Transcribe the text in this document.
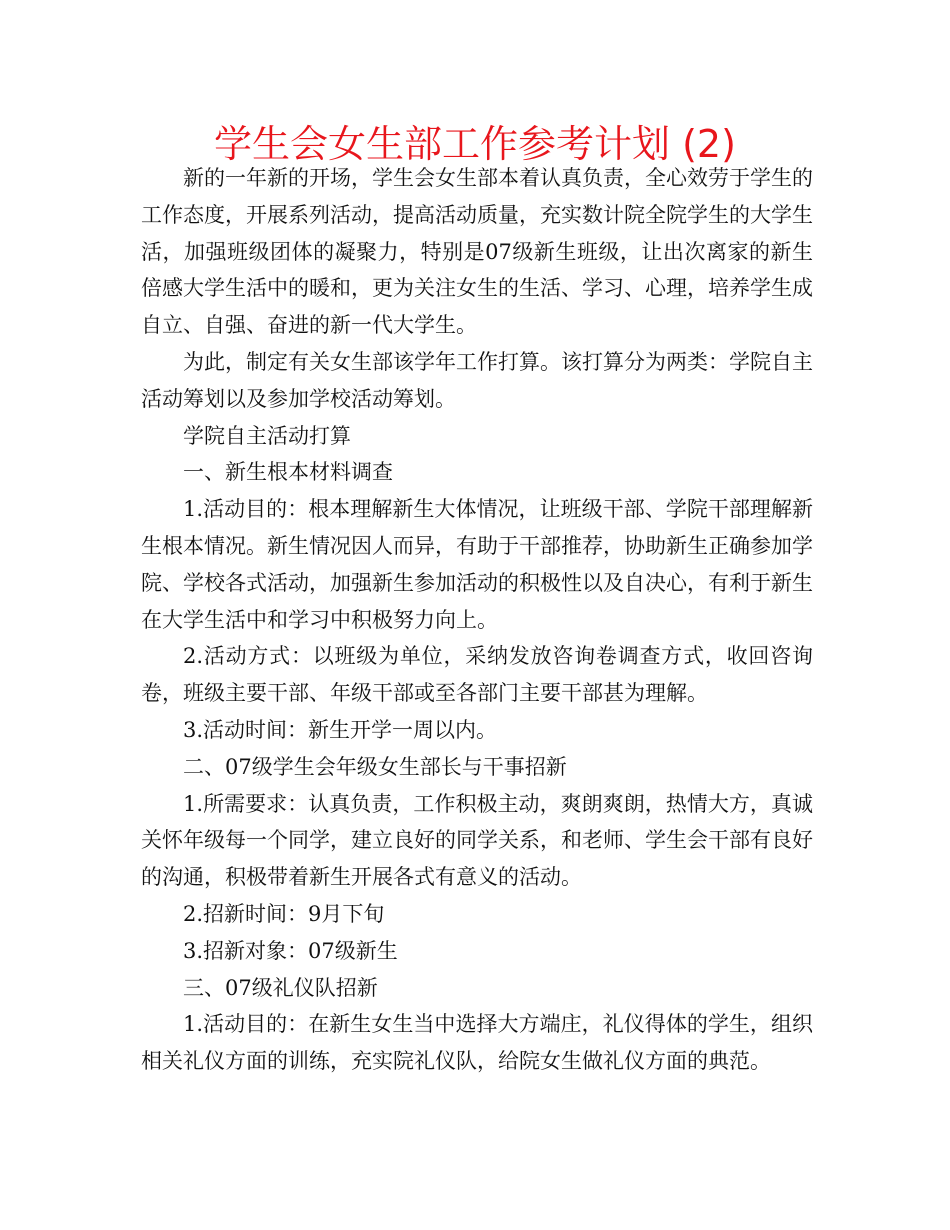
学生会女生部工作参考计划 (2)

新的一年新的开场，学生会女生部本着认真负责，全心效劳于学生的工作态度，开展系列活动，提高活动质量，充实数计院全院学生的大学生活，加强班级团体的凝聚力，特别是07级新生班级，让出次离家的新生倍感大学生活中的暖和，更为关注女生的生活、学习、心理，培养学生成自立、自强、奋进的新一代大学生。

为此，制定有关女生部该学年工作打算。该打算分为两类：学院自主活动筹划以及参加学校活动筹划。

学院自主活动打算

一、新生根本材料调查

1.活动目的：根本理解新生大体情况，让班级干部、学院干部理解新生根本情况。新生情况因人而异，有助于干部推荐，协助新生正确参加学院、学校各式活动，加强新生参加活动的积极性以及自决心，有利于新生在大学生活中和学习中积极努力向上。

2.活动方式：以班级为单位，采纳发放咨询卷调查方式，收回咨询卷，班级主要干部、年级干部或至各部门主要干部甚为理解。

3.活动时间：新生开学一周以内。

二、07级学生会年级女生部长与干事招新

1.所需要求：认真负责，工作积极主动，爽朗爽朗，热情大方，真诚关怀年级每一个同学，建立良好的同学关系，和老师、学生会干部有良好的沟通，积极带着新生开展各式有意义的活动。

2.招新时间：9月下旬

3.招新对象：07级新生

三、07级礼仪队招新

1.活动目的：在新生女生当中选择大方端庄，礼仪得体的学生，组织相关礼仪方面的训练，充实院礼仪队，给院女生做礼仪方面的典范。
